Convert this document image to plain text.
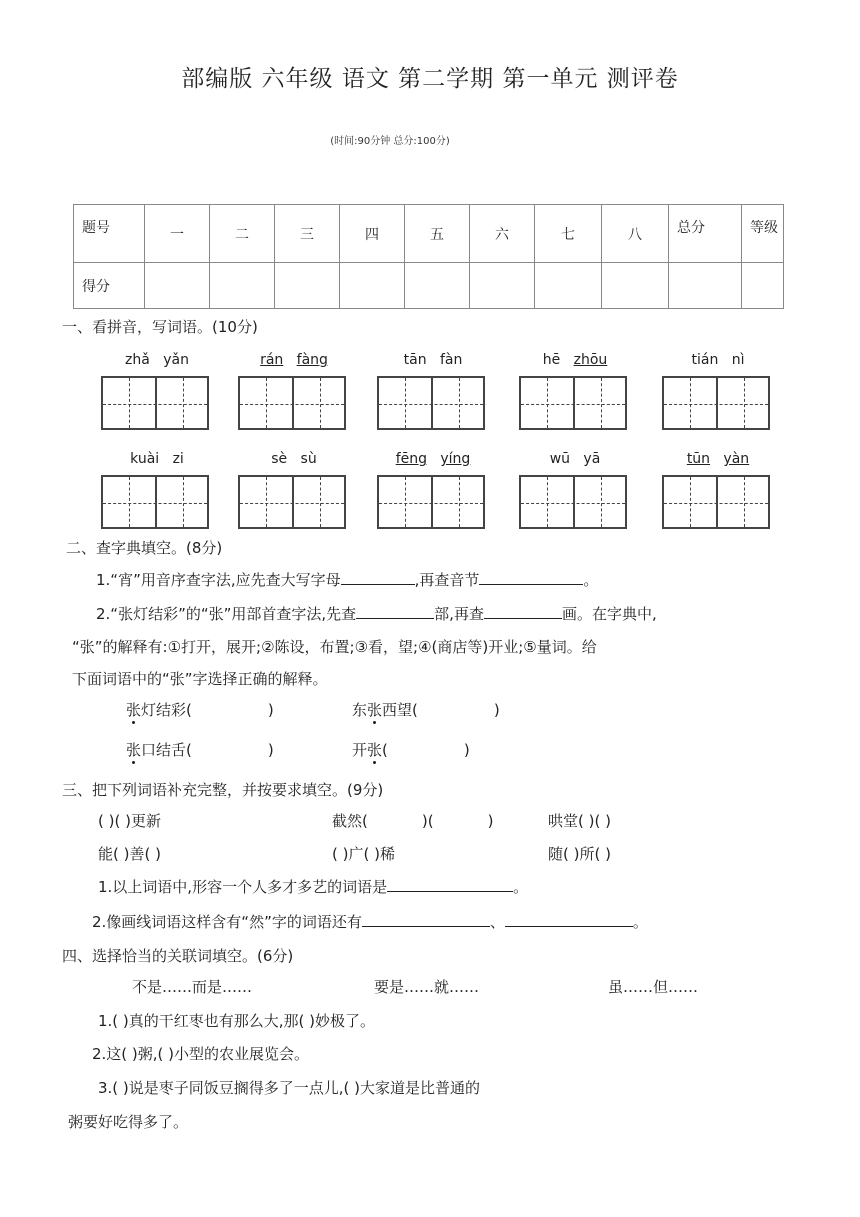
部编版 六年级 语文 第二学期 第一单元 测评卷
(时间:90分钟 总分:100分)
题号	一	二	三	四	五	六	七	八	总分	等级
得分										
一、看拼音，写词语。(10分)
zhǎ yǎn	rán fàng	tān fàn	hē zhōu	tián nì
kuài zi	sè sù	fēng yíng	wū yā	tūn yàn
二、查字典填空。(8分)
1.“宵”用音序查字法,应先查大写字母	,再查音节	。
2.“张灯结彩”的“张”用部首查字法,先查	部,再查	画。在字典中,
“张”的解释有:①打开，展开;②陈设，布置;③看，望;④(商店等)开业;⑤量词。给
下面词语中的“张”字选择正确的解释。
张灯结彩(	)	东张西望(	)
张口结舌(	)	开张(	)
三、把下列词语补充完整，并按要求填空。(9分)
( )( )更新	截然(	)(	)	哄堂( )( )
能( )善( )	( )广( )稀	随( )所( )
1.以上词语中,形容一个人多才多艺的词语是	。
2.像画线词语这样含有“然”字的词语还有	、	。
四、选择恰当的关联词填空。(6分)
不是……而是……	要是……就……	虽……但……
1.( )真的干红枣也有那么大,那( )妙极了。
2.这( )粥,( )小型的农业展览会。
3.( )说是枣子同饭豆搁得多了一点儿,( )大家道是比普通的
粥要好吃得多了。
